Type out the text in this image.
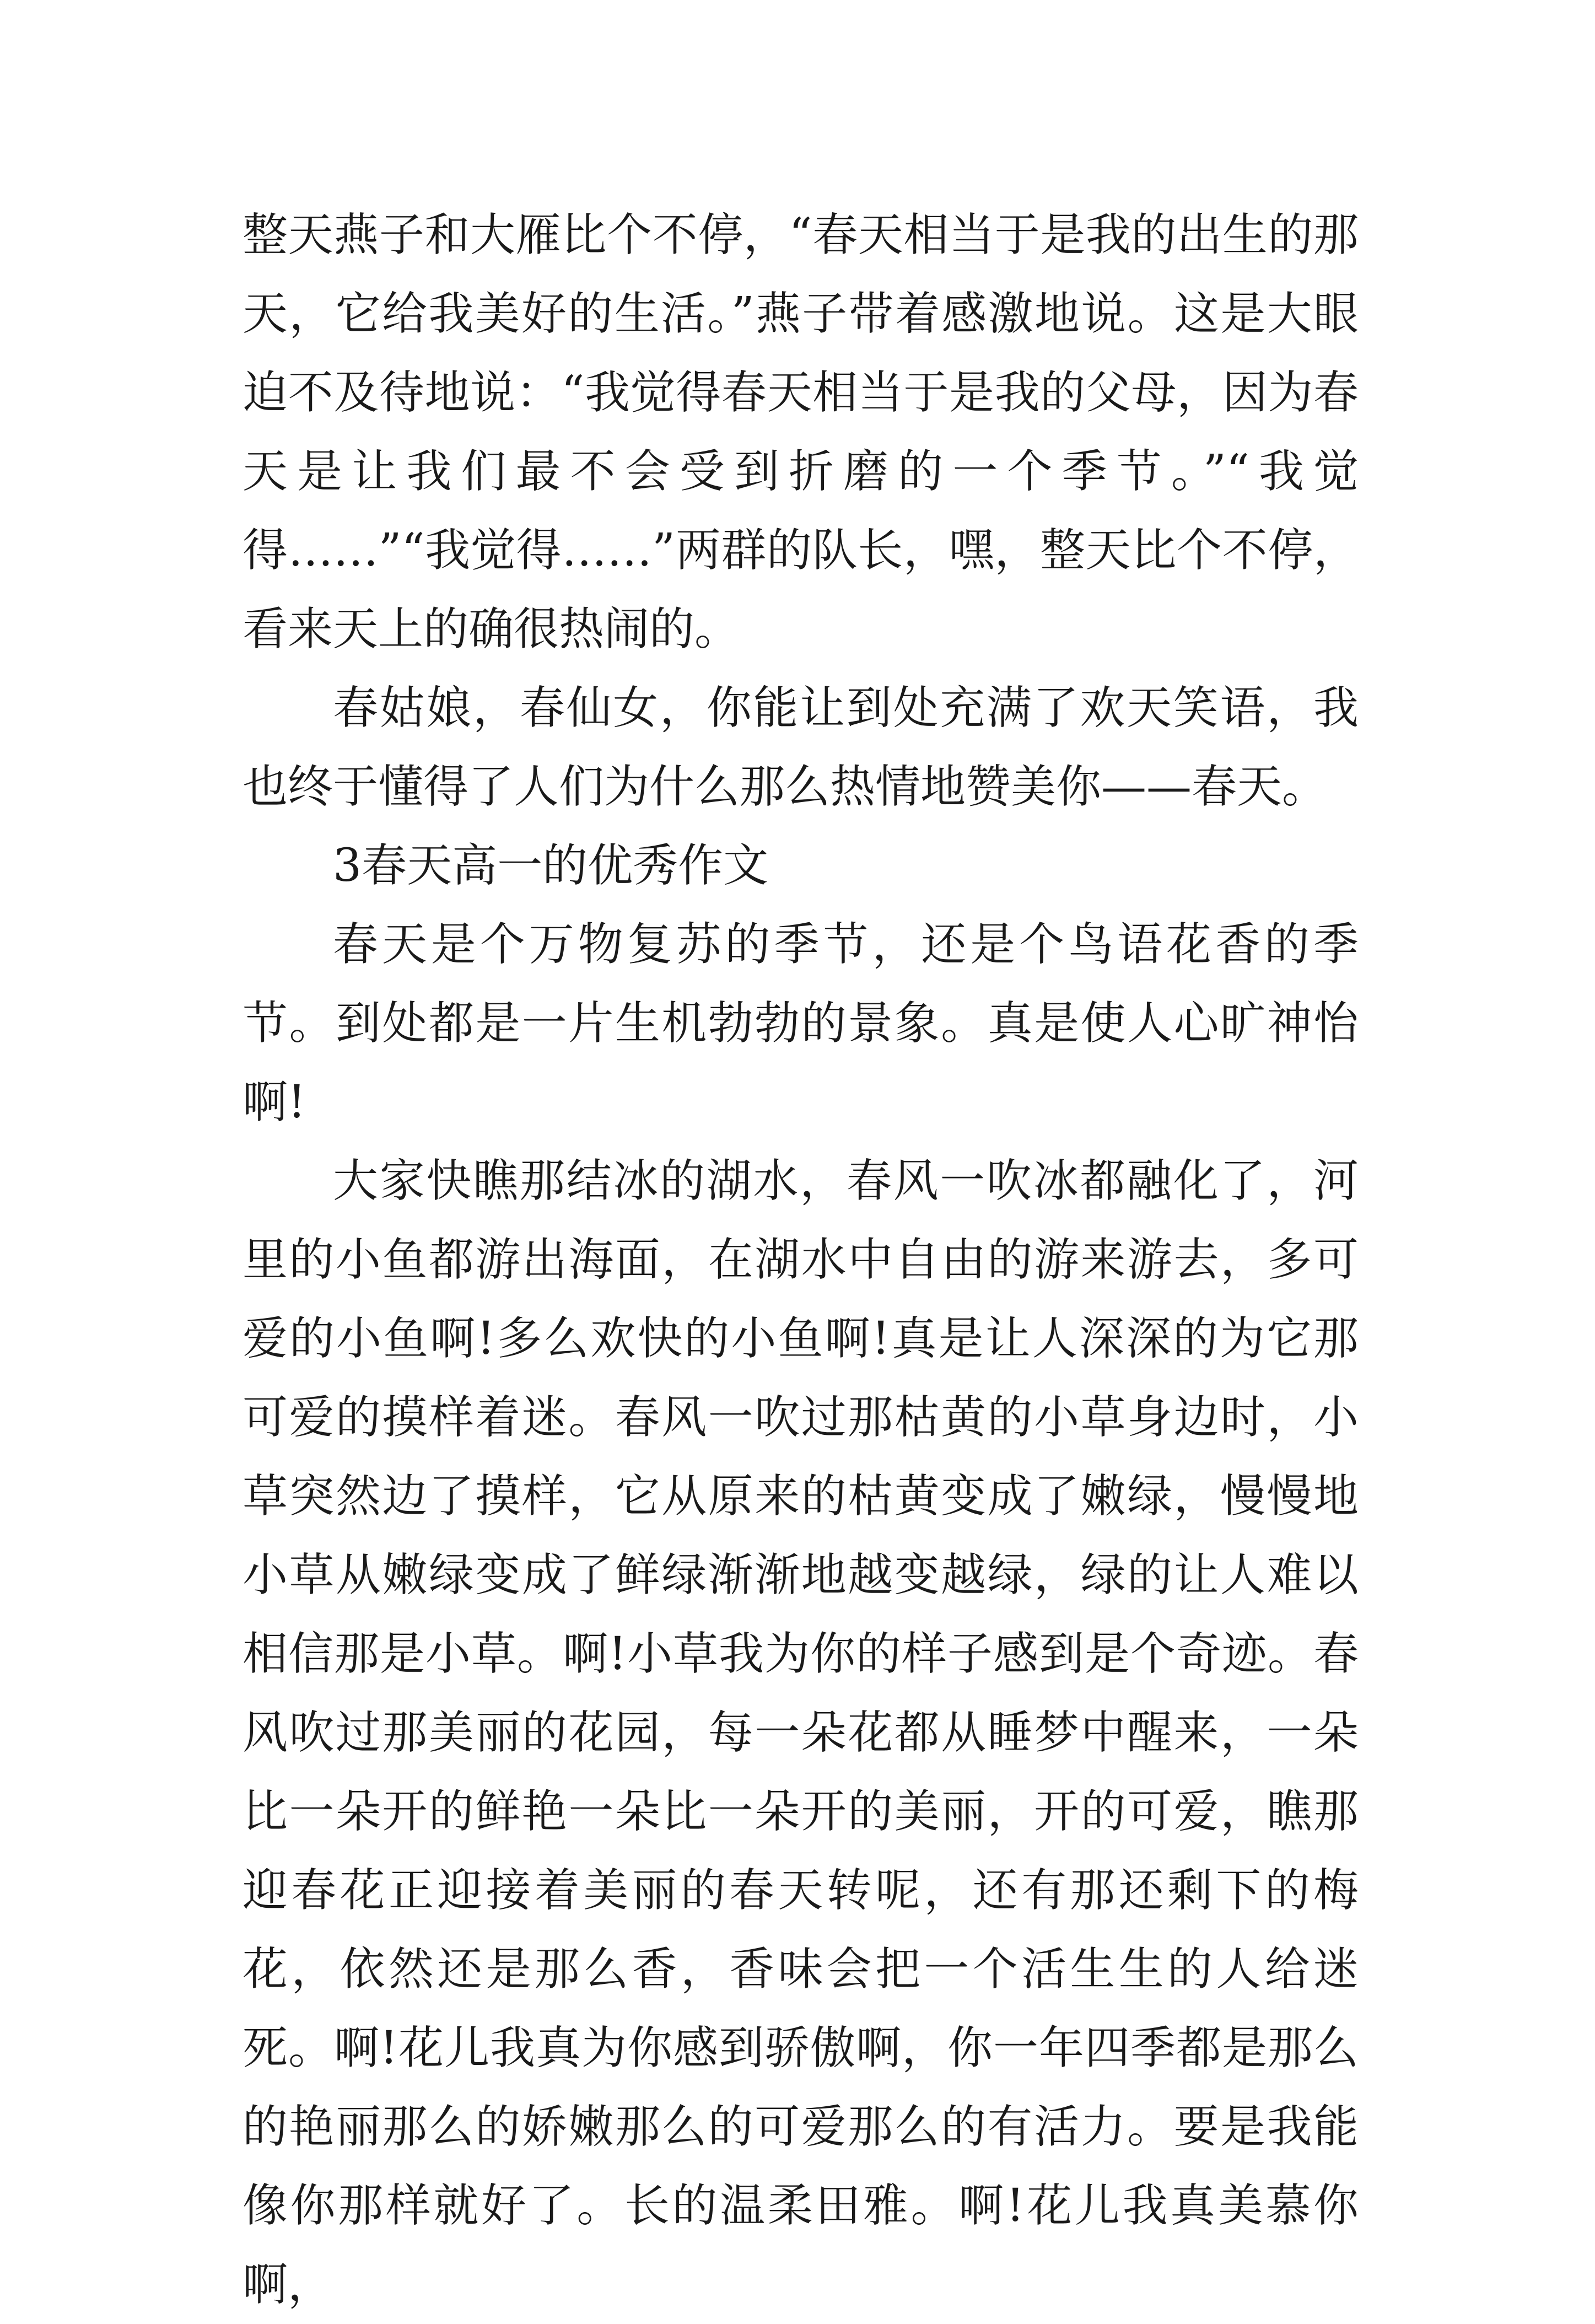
整天燕子和大雁比个不停，“春天相当于是我的出生的那天，它给我美好的生活。”燕子带着感激地说。这是大眼迫不及待地说：“我觉得春天相当于是我的父母，因为春天是让我们最不会受到折磨的一个季节。”“我觉得……”“我觉得……”两群的队长，嘿，整天比个不停，看来天上的确很热闹的。

春姑娘，春仙女，你能让到处充满了欢天笑语，我也终于懂得了人们为什么那么热情地赞美你——春天。

3春天高一的优秀作文

春天是个万物复苏的季节，还是个鸟语花香的季节。到处都是一片生机勃勃的景象。真是使人心旷神怡啊!

大家快瞧那结冰的湖水，春风一吹冰都融化了，河里的小鱼都游出海面，在湖水中自由的游来游去，多可爱的小鱼啊!多么欢快的小鱼啊!真是让人深深的为它那可爱的摸样着迷。春风一吹过那枯黄的小草身边时，小草突然边了摸样，它从原来的枯黄变成了嫩绿，慢慢地小草从嫩绿变成了鲜绿渐渐地越变越绿，绿的让人难以相信那是小草。啊!小草我为你的样子感到是个奇迹。春风吹过那美丽的花园，每一朵花都从睡梦中醒来，一朵比一朵开的鲜艳一朵比一朵开的美丽，开的可爱，瞧那迎春花正迎接着美丽的春天转呢，还有那还剩下的梅花，依然还是那么香，香味会把一个活生生的人给迷死。啊!花儿我真为你感到骄傲啊，你一年四季都是那么的艳丽那么的娇嫩那么的可爱那么的有活力。要是我能像你那样就好了。长的温柔田雅。啊!花儿我真美慕你啊，
